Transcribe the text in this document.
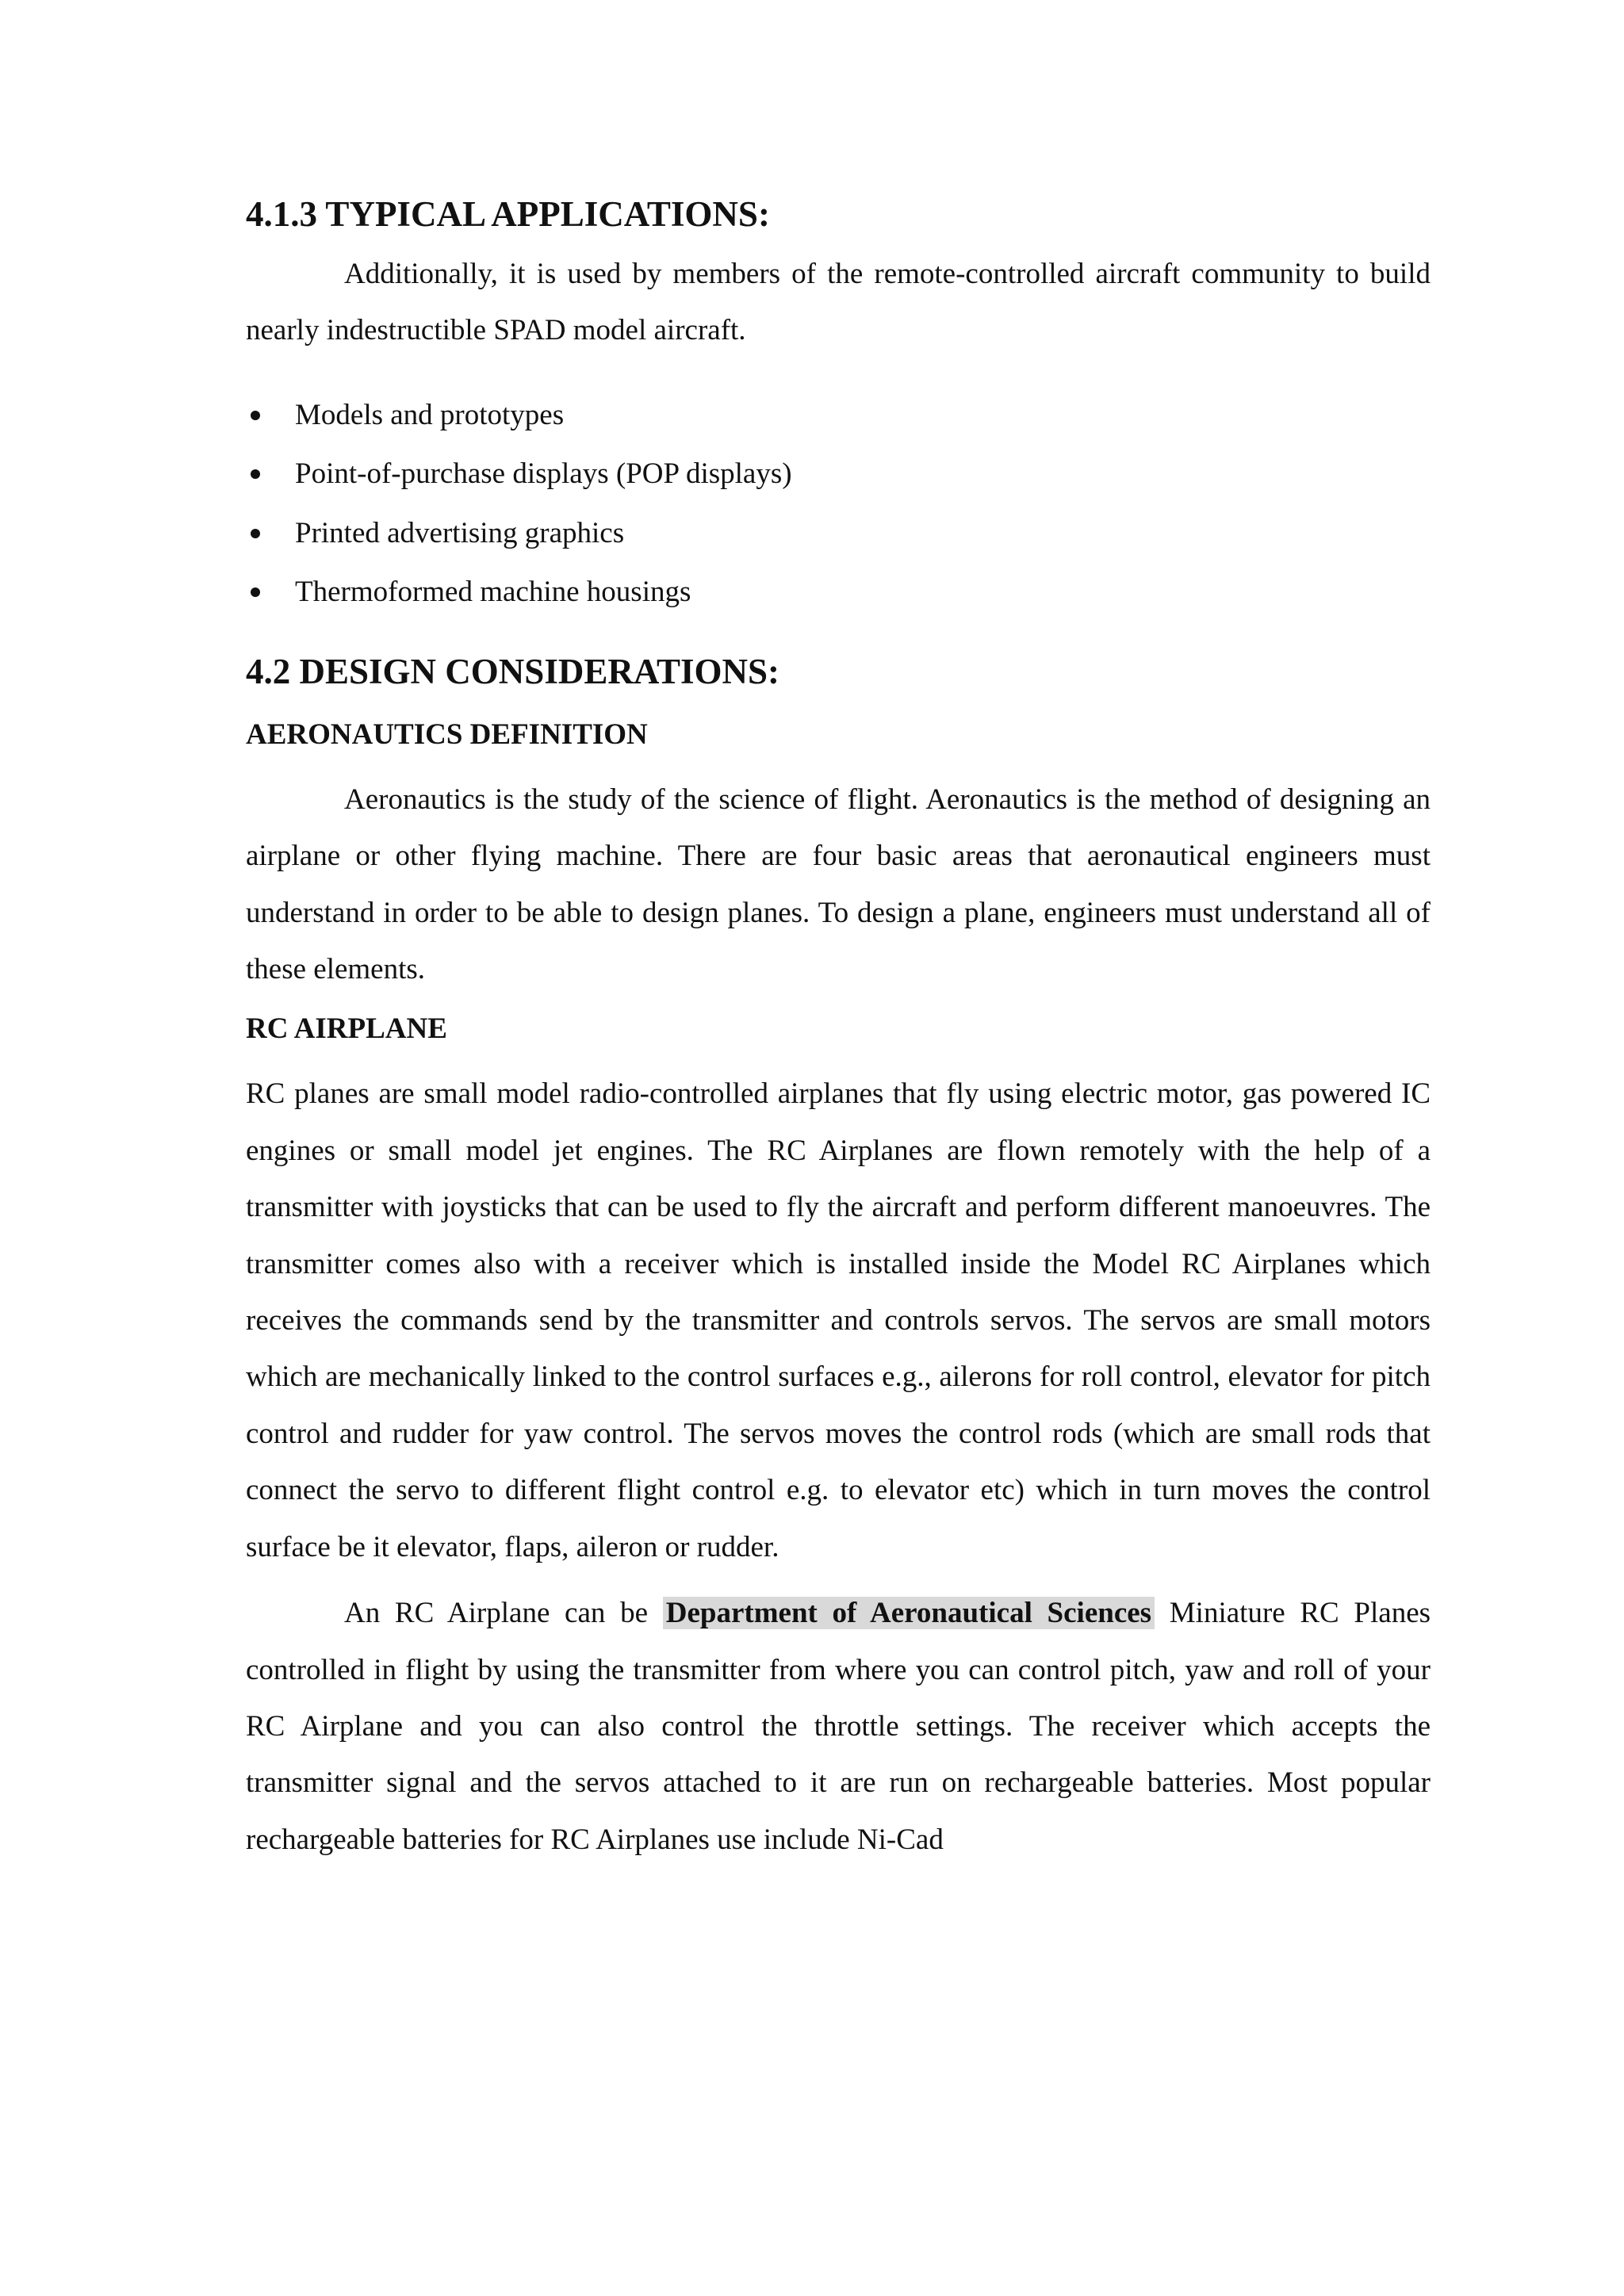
4.1.3 TYPICAL APPLICATIONS:

Additionally, it is used by members of the remote-controlled aircraft community to build nearly indestructible SPAD model aircraft.

Models and prototypes
Point-of-purchase displays (POP displays)
Printed advertising graphics
Thermoformed machine housings
4.2 DESIGN CONSIDERATIONS:
AERONAUTICS DEFINITION

Aeronautics is the study of the science of flight. Aeronautics is the method of designing an airplane or other flying machine. There are four basic areas that aeronautical engineers must understand in order to be able to design planes. To design a plane, engineers must understand all of these elements.

RC AIRPLANE

RC planes are small model radio-controlled airplanes that fly using electric motor, gas powered IC engines or small model jet engines. The RC Airplanes are flown remotely with the help of a transmitter with joysticks that can be used to fly the aircraft and perform different manoeuvres. The transmitter comes also with a receiver which is installed inside the Model RC Airplanes which receives the commands send by the transmitter and controls servos. The servos are small motors which are mechanically linked to the control surfaces e.g., ailerons for roll control, elevator for pitch control and rudder for yaw control. The servos moves the control rods (which are small rods that connect the servo to different flight control e.g. to elevator etc) which in turn moves the control surface be it elevator, flaps, aileron or rudder.

An RC Airplane can be Department of Aeronautical Sciences Miniature RC Planes controlled in flight by using the transmitter from where you can control pitch, yaw and roll of your RC Airplane and you can also control the throttle settings. The receiver which accepts the transmitter signal and the servos attached to it are run on rechargeable batteries. Most popular rechargeable batteries for RC Airplanes use include Ni-Cad
